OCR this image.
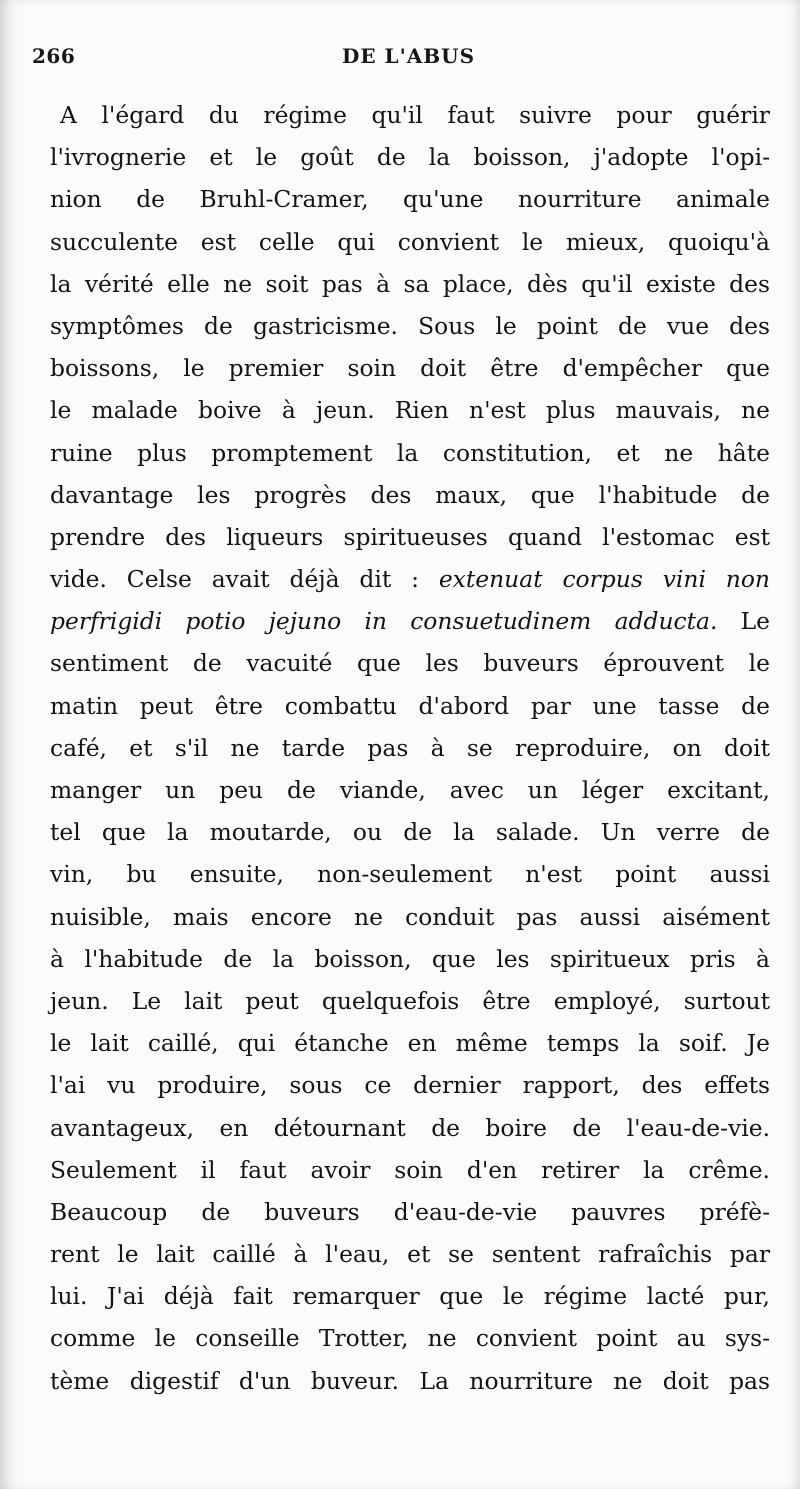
266	DE L'ABUS
A l'égard du régime qu'il faut suivre pour guérir
l'ivrognerie et le goût de la boisson, j'adopte l'opi-
nion de Bruhl-Cramer, qu'une nourriture animale
succulente est celle qui convient le mieux, quoiqu'à
la vérité elle ne soit pas à sa place, dès qu'il existe des
symptômes de gastricisme. Sous le point de vue des
boissons, le premier soin doit être d'empêcher que
le malade boive à jeun. Rien n'est plus mauvais, ne
ruine plus promptement la constitution, et ne hâte
davantage les progrès des maux, que l'habitude de
prendre des liqueurs spiritueuses quand l'estomac est
vide. Celse avait déjà dit : extenuat corpus vini non
perfrigidi potio jejuno in consuetudinem adducta. Le
sentiment de vacuité que les buveurs éprouvent le
matin peut être combattu d'abord par une tasse de
café, et s'il ne tarde pas à se reproduire, on doit
manger un peu de viande, avec un léger excitant,
tel que la moutarde, ou de la salade. Un verre de
vin, bu ensuite, non-seulement n'est point aussi
nuisible, mais encore ne conduit pas aussi aisément
à l'habitude de la boisson, que les spiritueux pris à
jeun. Le lait peut quelquefois être employé, surtout
le lait caillé, qui étanche en même temps la soif. Je
l'ai vu produire, sous ce dernier rapport, des effets
avantageux, en détournant de boire de l'eau-de-vie.
Seulement il faut avoir soin d'en retirer la crême.
Beaucoup de buveurs d'eau-de-vie pauvres préfè-
rent le lait caillé à l'eau, et se sentent rafraîchis par
lui. J'ai déjà fait remarquer que le régime lacté pur,
comme le conseille Trotter, ne convient point au sys-
tème digestif d'un buveur. La nourriture ne doit pas
